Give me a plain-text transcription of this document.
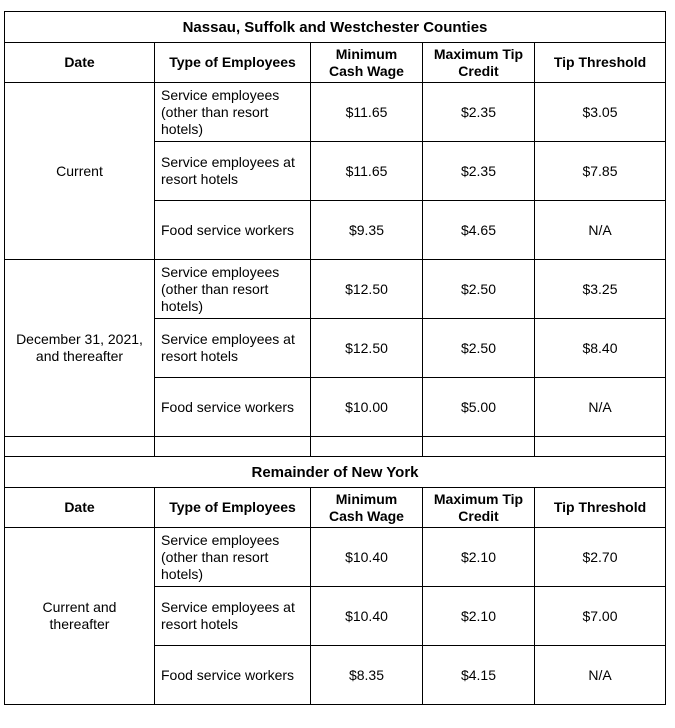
Nassau, Suffolk and Westchester Counties				
Date	Type of Employees	Minimum Cash Wage	Maximum Tip Credit	Tip Threshold
Current	Service employees (other than resort hotels)	$11.65	$2.35	$3.05
	Service employees at resort hotels	$11.65	$2.35	$7.85
	Food service workers	$9.35	$4.65	N/A
December 31, 2021, and thereafter	Service employees (other than resort hotels)	$12.50	$2.50	$3.25
	Service employees at resort hotels	$12.50	$2.50	$8.40
	Food service workers	$10.00	$5.00	N/A

Remainder of New York				
Date	Type of Employees	Minimum Cash Wage	Maximum Tip Credit	Tip Threshold
Current and thereafter	Service employees (other than resort hotels)	$10.40	$2.10	$2.70
	Service employees at resort hotels	$10.40	$2.10	$7.00
	Food service workers	$8.35	$4.15	N/A
